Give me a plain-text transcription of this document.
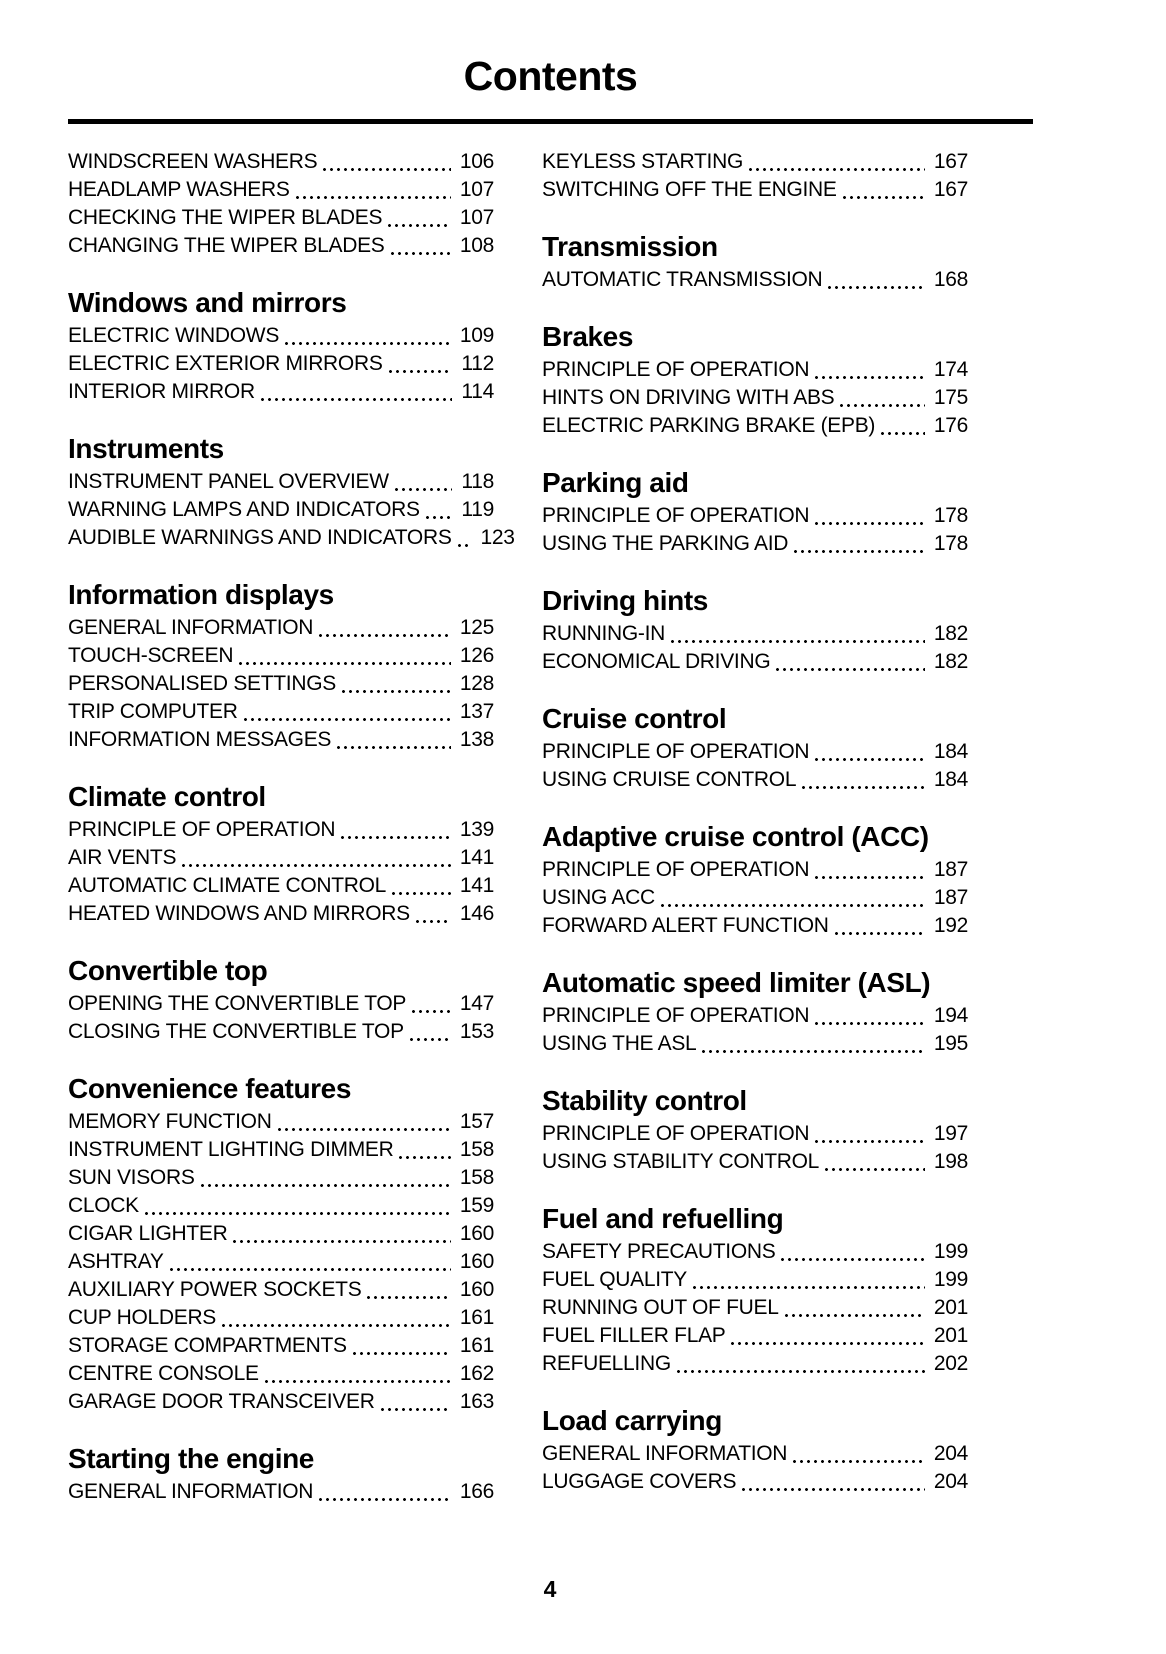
Contents
WINDSCREEN WASHERS	106
HEADLAMP WASHERS	107
CHECKING THE WIPER BLADES	107
CHANGING THE WIPER BLADES	108
Windows and mirrors
ELECTRIC WINDOWS	109
ELECTRIC EXTERIOR MIRRORS	112
INTERIOR MIRROR	114
Instruments
INSTRUMENT PANEL OVERVIEW	118
WARNING LAMPS AND INDICATORS 119
AUDIBLE WARNINGS AND INDICATORS 123
Information displays
GENERAL INFORMATION	125
TOUCH-SCREEN	126
PERSONALISED SETTINGS	128
TRIP COMPUTER	137
INFORMATION MESSAGES	138
Climate control
PRINCIPLE OF OPERATION	139
AIR VENTS	141
AUTOMATIC CLIMATE CONTROL	141
HEATED WINDOWS AND MIRRORS 146
Convertible top
OPENING THE CONVERTIBLE TOP	147
CLOSING THE CONVERTIBLE TOP	153
Convenience features
MEMORY FUNCTION	157
INSTRUMENT LIGHTING DIMMER	158
SUN VISORS	158
CLOCK	159
CIGAR LIGHTER	160
ASHTRAY	160
AUXILIARY POWER SOCKETS	160
CUP HOLDERS	161
STORAGE COMPARTMENTS	161
CENTRE CONSOLE	162
GARAGE DOOR TRANSCEIVER	163
Starting the engine
GENERAL INFORMATION	166
KEYLESS STARTING	167
SWITCHING OFF THE ENGINE	167
Transmission
AUTOMATIC TRANSMISSION	168
Brakes
PRINCIPLE OF OPERATION	174
HINTS ON DRIVING WITH ABS	175
ELECTRIC PARKING BRAKE (EPB)	176
Parking aid
PRINCIPLE OF OPERATION	178
USING THE PARKING AID	178
Driving hints
RUNNING-IN	182
ECONOMICAL DRIVING	182
Cruise control
PRINCIPLE OF OPERATION	184
USING CRUISE CONTROL	184
Adaptive cruise control (ACC)
PRINCIPLE OF OPERATION	187
USING ACC	187
FORWARD ALERT FUNCTION	192
Automatic speed limiter (ASL)
PRINCIPLE OF OPERATION	194
USING THE ASL	195
Stability control
PRINCIPLE OF OPERATION	197
USING STABILITY CONTROL	198
Fuel and refuelling
SAFETY PRECAUTIONS	199
FUEL QUALITY	199
RUNNING OUT OF FUEL	201
FUEL FILLER FLAP	201
REFUELLING	202
Load carrying
GENERAL INFORMATION	204
LUGGAGE COVERS	204
4
